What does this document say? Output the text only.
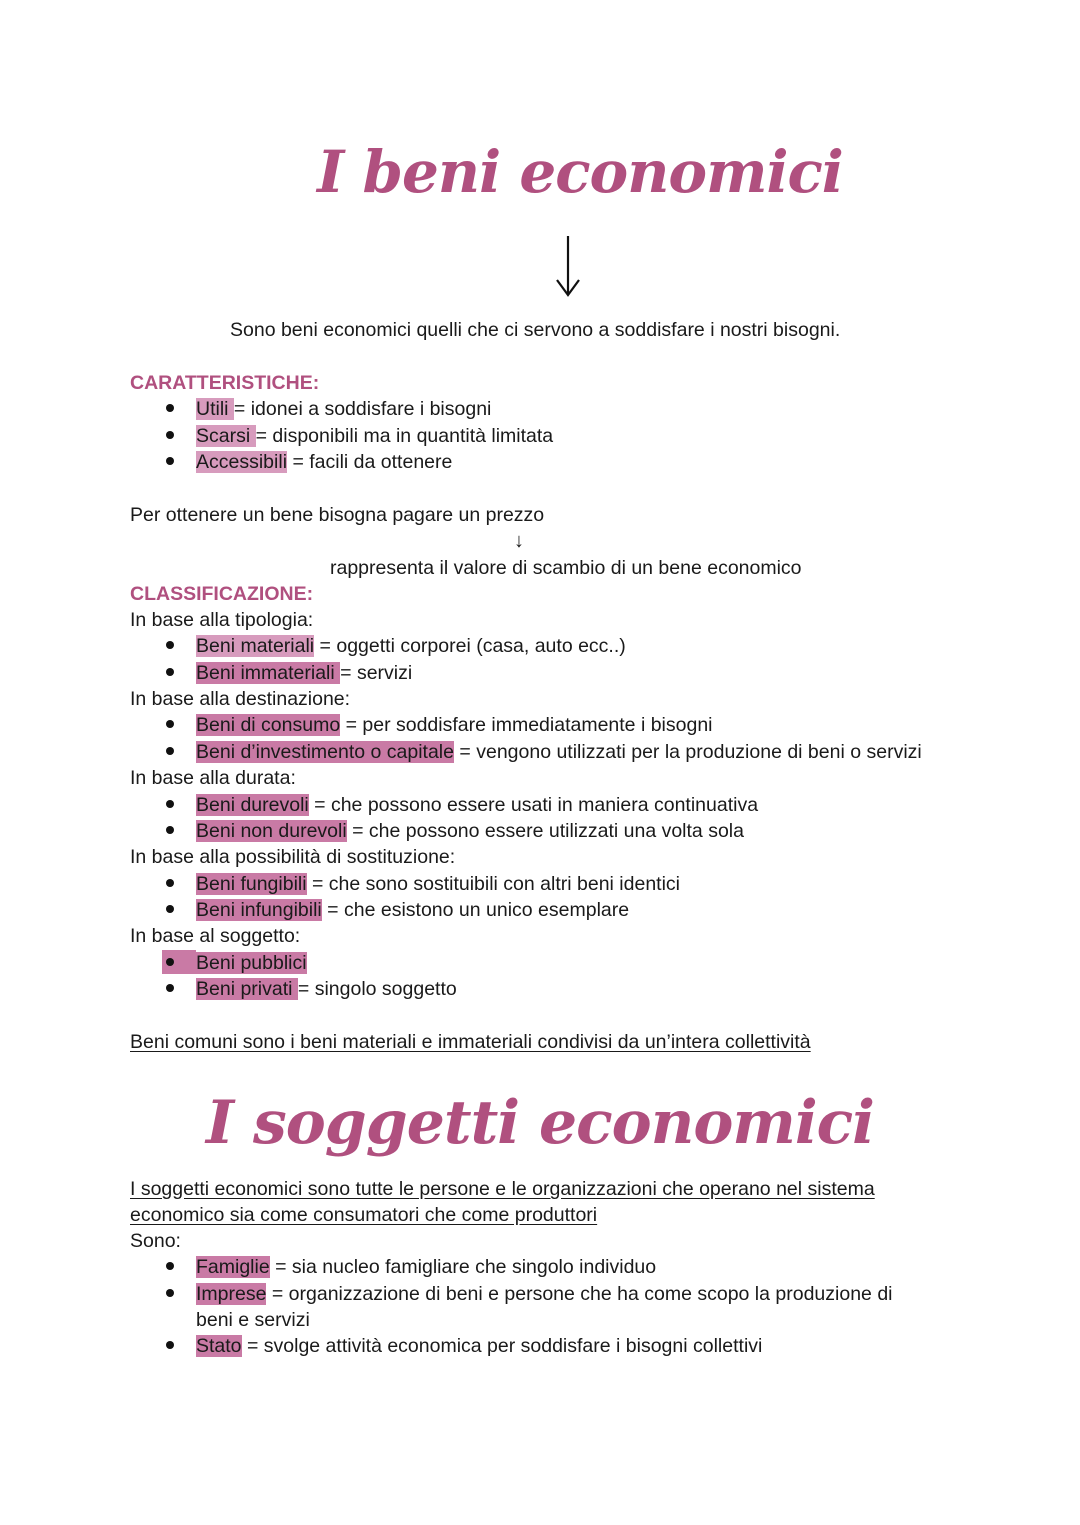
I beni economici
Sono beni economici quelli che ci servono a soddisfare i nostri bisogni.
CARATTERISTICHE:
Utili = idonei a soddisfare i bisogni
Scarsi = disponibili ma in quantità limitata
Accessibili = facili da ottenere
Per ottenere un bene bisogna pagare un prezzo
↓
rappresenta il valore di scambio di un bene economico
CLASSIFICAZIONE:
In base alla tipologia:
Beni materiali = oggetti corporei (casa, auto ecc..)
Beni immateriali = servizi
In base alla destinazione:
Beni di consumo = per soddisfare immediatamente i bisogni
Beni d’investimento o capitale = vengono utilizzati per la produzione di beni o servizi
In base alla durata:
Beni durevoli = che possono essere usati in maniera continuativa
Beni non durevoli = che possono essere utilizzati una volta sola
In base alla possibilità di sostituzione:
Beni fungibili = che sono sostituibili con altri beni identici
Beni infungibili = che esistono un unico esemplare
In base al soggetto:
Beni pubblici
Beni privati = singolo soggetto
Beni comuni sono i beni materiali e immateriali condivisi da un’intera collettività
I soggetti economici
I soggetti economici sono tutte le persone e le organizzazioni che operano nel sistema
economico sia come consumatori che come produttori
Sono:
Famiglie = sia nucleo famigliare che singolo individuo
Imprese = organizzazione di beni e persone che ha come scopo la produzione di
beni e servizi
Stato = svolge attività economica per soddisfare i bisogni collettivi
